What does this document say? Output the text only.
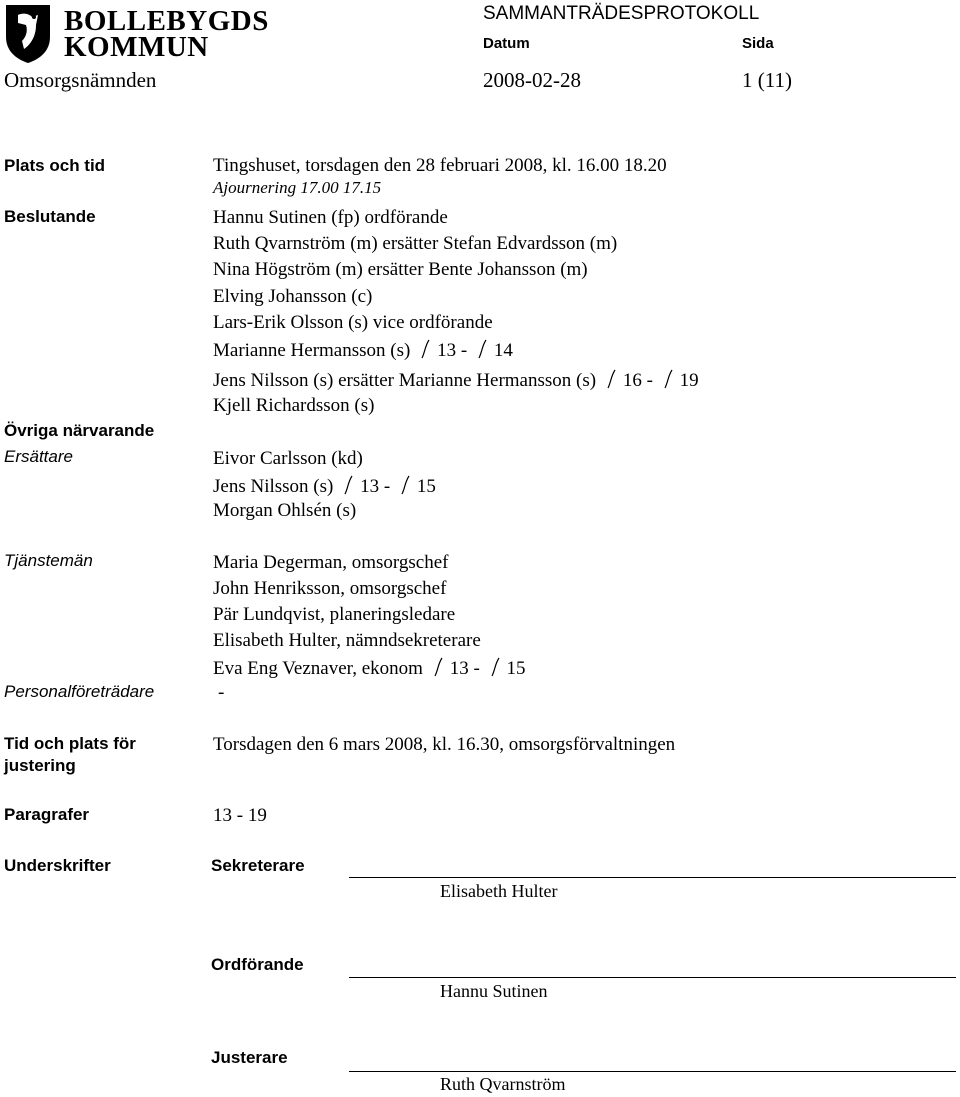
BOLLEBYGDS
KOMMUN
SAMMANTRÄDESPROTOKOLL
Datum	Sida
Omsorgsnämnden	2008-02-28	1 (11)
Plats och tid	Tingshuset, torsdagen den 28 februari 2008, kl. 16.00 18.20
Ajournering 17.00 17.15
Beslutande	Hannu Sutinen (fp) ordförande
Ruth Qvarnström (m) ersätter Stefan Edvardsson (m)
Nina Högström (m) ersätter Bente Johansson (m)
Elving Johansson (c)
Lars-Erik Olsson (s) vice ordförande
Marianne Hermansson (s) 13 - 14
Jens Nilsson (s) ersätter Marianne Hermansson (s) 16 - 19
Kjell Richardsson (s)
Övriga närvarande
Ersättare	Eivor Carlsson (kd)
Jens Nilsson (s) 13 - 15
Morgan Ohlsén (s)
Tjänstemän	Maria Degerman, omsorgschef
John Henriksson, omsorgschef
Pär Lundqvist, planeringsledare
Elisabeth Hulter, nämndsekreterare
Eva Eng Veznaver, ekonom 13 - 15
Personalföreträdare	-
Tid och plats för
justering
Torsdagen den 6 mars 2008, kl. 16.30, omsorgsförvaltningen
Paragrafer	13 - 19
Underskrifter	Sekreterare
Elisabeth Hulter
Ordförande
Hannu Sutinen
Justerare
Ruth Qvarnström
